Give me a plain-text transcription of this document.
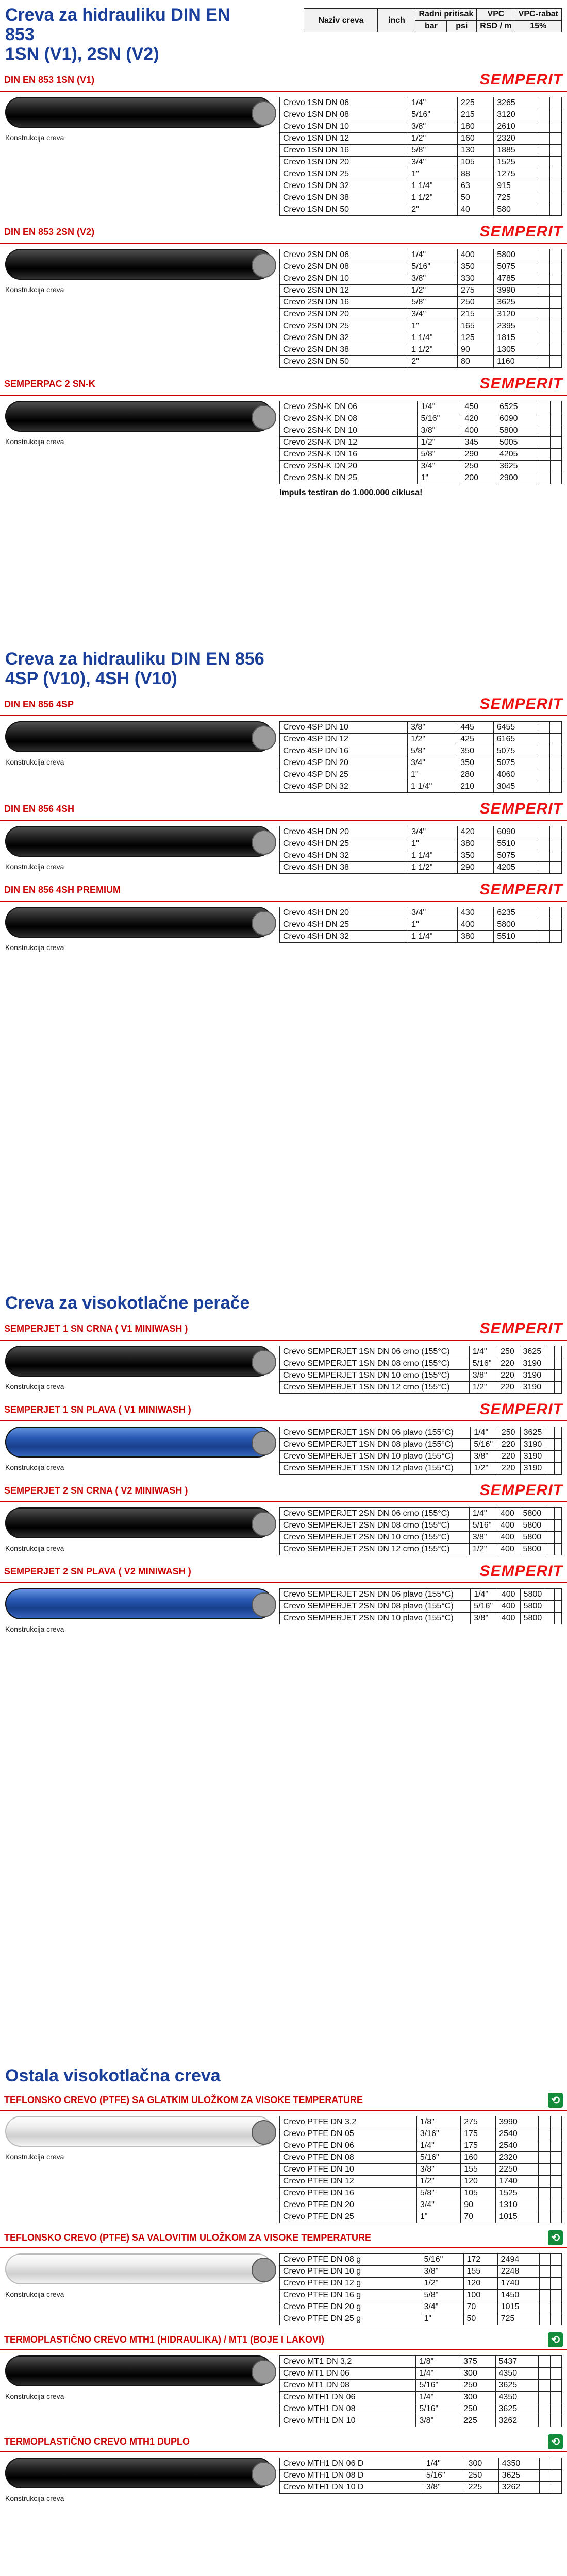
Creva za hidrauliku DIN EN 853
1SN (V1), 2SN (V2)
Naziv creva	inch	Radni pritisak		VPC	VPC-rabat
		bar	psi	RSD / m	15%
DIN EN 853 1SN (V1)	SEMPERIT
Konstrukcija creva
Crevo 1SN DN 06	1/4"	225	3265		
Crevo 1SN DN 08	5/16"	215	3120		
Crevo 1SN DN 10	3/8"	180	2610		
Crevo 1SN DN 12	1/2"	160	2320		
Crevo 1SN DN 16	5/8"	130	1885		
Crevo 1SN DN 20	3/4"	105	1525		
Crevo 1SN DN 25	1"	88	1275		
Crevo 1SN DN 32	1 1/4"	63	915		
Crevo 1SN DN 38	1 1/2"	50	725		
Crevo 1SN DN 50	2"	40	580		
DIN EN 853 2SN (V2)	SEMPERIT
Konstrukcija creva
Crevo 2SN DN 06	1/4"	400	5800		
Crevo 2SN DN 08	5/16"	350	5075		
Crevo 2SN DN 10	3/8"	330	4785		
Crevo 2SN DN 12	1/2"	275	3990		
Crevo 2SN DN 16	5/8"	250	3625		
Crevo 2SN DN 20	3/4"	215	3120		
Crevo 2SN DN 25	1"	165	2395		
Crevo 2SN DN 32	1 1/4"	125	1815		
Crevo 2SN DN 38	1 1/2"	90	1305		
Crevo 2SN DN 50	2"	80	1160		
SEMPERPAC 2 SN-K	SEMPERIT
Konstrukcija creva
Crevo 2SN-K DN 06	1/4"	450	6525		
Crevo 2SN-K DN 08	5/16"	420	6090		
Crevo 2SN-K DN 10	3/8"	400	5800		
Crevo 2SN-K DN 12	1/2"	345	5005		
Crevo 2SN-K DN 16	5/8"	290	4205		
Crevo 2SN-K DN 20	3/4"	250	3625		
Crevo 2SN-K DN 25	1"	200	2900		
Impuls testiran do 1.000.000 ciklusa!
Creva za hidrauliku DIN EN 856
4SP (V10), 4SH (V10)
DIN EN 856 4SP	SEMPERIT
Konstrukcija creva
Crevo 4SP DN 10	3/8"	445	6455		
Crevo 4SP DN 12	1/2"	425	6165		
Crevo 4SP DN 16	5/8"	350	5075		
Crevo 4SP DN 20	3/4"	350	5075		
Crevo 4SP DN 25	1"	280	4060		
Crevo 4SP DN 32	1 1/4"	210	3045		
DIN EN 856 4SH	SEMPERIT
Konstrukcija creva
Crevo 4SH DN 20	3/4"	420	6090		
Crevo 4SH DN 25	1"	380	5510		
Crevo 4SH DN 32	1 1/4"	350	5075		
Crevo 4SH DN 38	1 1/2"	290	4205		
DIN EN 856 4SH PREMIUM	SEMPERIT
Konstrukcija creva
Crevo 4SH DN 20	3/4"	430	6235		
Crevo 4SH DN 25	1"	400	5800		
Crevo 4SH DN 32	1 1/4"	380	5510		
Creva za visokotlačne perače
SEMPERJET 1 SN CRNA ( V1 MINIWASH )	SEMPERIT
Konstrukcija creva
Crevo SEMPERJET 1SN DN 06 crno (155°C)	1/4"	250	3625		
Crevo SEMPERJET 1SN DN 08 crno (155°C)	5/16"	220	3190		
Crevo SEMPERJET 1SN DN 10 crno (155°C)	3/8"	220	3190		
Crevo SEMPERJET 1SN DN 12 crno (155°C)	1/2"	220	3190		
SEMPERJET 1 SN PLAVA ( V1 MINIWASH )	SEMPERIT
Konstrukcija creva
Crevo SEMPERJET 1SN DN 06 plavo (155°C)	1/4"	250	3625		
Crevo SEMPERJET 1SN DN 08 plavo (155°C)	5/16"	220	3190		
Crevo SEMPERJET 1SN DN 10 plavo (155°C)	3/8"	220	3190		
Crevo SEMPERJET 1SN DN 12 plavo (155°C)	1/2"	220	3190		
SEMPERJET 2 SN CRNA ( V2 MINIWASH )	SEMPERIT
Konstrukcija creva
Crevo SEMPERJET 2SN DN 06 crno (155°C)	1/4"	400	5800		
Crevo SEMPERJET 2SN DN 08 crno (155°C)	5/16"	400	5800		
Crevo SEMPERJET 2SN DN 10 crno (155°C)	3/8"	400	5800		
Crevo SEMPERJET 2SN DN 12 crno (155°C)	1/2"	400	5800		
SEMPERJET 2 SN PLAVA ( V2 MINIWASH )	SEMPERIT
Konstrukcija creva
Crevo SEMPERJET 2SN DN 06 plavo (155°C)	1/4"	400	5800		
Crevo SEMPERJET 2SN DN 08 plavo (155°C)	5/16"	400	5800		
Crevo SEMPERJET 2SN DN 10 plavo (155°C)	3/8"	400	5800		
Ostala visokotlačna creva
TEFLONSKO CREVO (PTFE) SA GLATKIM ULOŽKOM ZA VISOKE TEMPERATURE	⟲
Konstrukcija creva
Crevo PTFE DN 3,2	1/8"	275	3990		
Crevo PTFE DN 05	3/16"	175	2540		
Crevo PTFE DN 06	1/4"	175	2540		
Crevo PTFE DN 08	5/16"	160	2320		
Crevo PTFE DN 10	3/8"	155	2250		
Crevo PTFE DN 12	1/2"	120	1740		
Crevo PTFE DN 16	5/8"	105	1525		
Crevo PTFE DN 20	3/4"	90	1310		
Crevo PTFE DN 25	1"	70	1015		
TEFLONSKO CREVO (PTFE) SA VALOVITIM ULOŽKOM ZA VISOKE TEMPERATURE	⟲
Konstrukcija creva
Crevo PTFE DN 08 g	5/16"	172	2494		
Crevo PTFE DN 10 g	3/8"	155	2248		
Crevo PTFE DN 12 g	1/2"	120	1740		
Crevo PTFE DN 16 g	5/8"	100	1450		
Crevo PTFE DN 20 g	3/4"	70	1015		
Crevo PTFE DN 25 g	1"	50	725		
TERMOPLASTIČNO CREVO MTH1 (HIDRAULIKA) / MT1 (BOJE I LAKOVI)	⟲
Konstrukcija creva
Crevo MT1 DN 3,2	1/8"	375	5437		
Crevo MT1 DN 06	1/4"	300	4350		
Crevo MT1 DN 08	5/16"	250	3625		
Crevo MTH1 DN 06	1/4"	300	4350		
Crevo MTH1 DN 08	5/16"	250	3625		
Crevo MTH1 DN 10	3/8"	225	3262		
TERMOPLASTIČNO CREVO MTH1 DUPLO	⟲
Konstrukcija creva
Crevo MTH1 DN 06 D	1/4"	300	4350		
Crevo MTH1 DN 08 D	5/16"	250	3625		
Crevo MTH1 DN 10 D	3/8"	225	3262		
